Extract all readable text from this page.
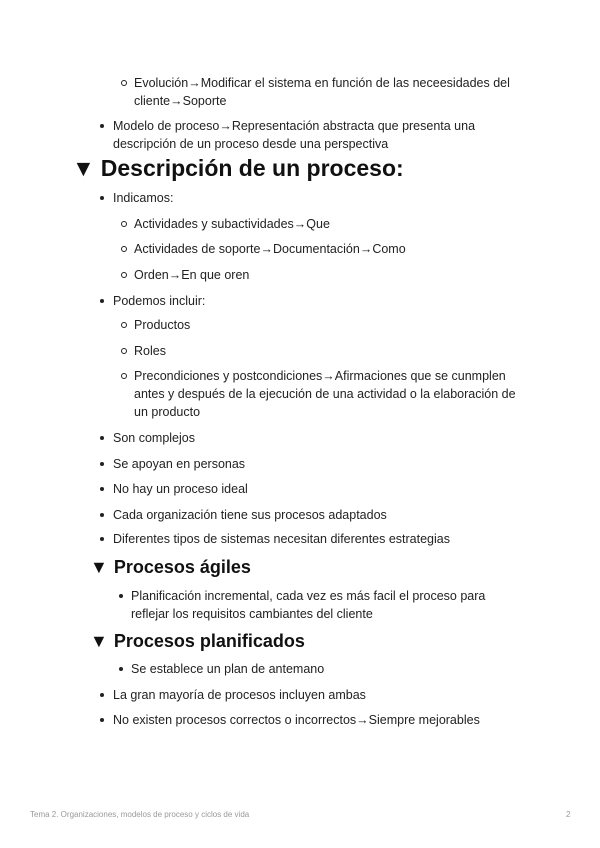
Evolución→Modificar el sistema en función de las neceesidades del cliente→Soporte
Modelo de proceso→Representación abstracta que presenta una descripción de un proceso desde una perspectiva
▼ Descripción de un proceso:
Indicamos:
Actividades y subactividades→Que
Actividades de soporte→Documentación→Como
Orden→En que oren
Podemos incluir:
Productos
Roles
Precondiciones y postcondiciones→Afirmaciones que se cunmplen antes y después de la ejecución de una actividad o la elaboración de un producto
Son complejos
Se apoyan en personas
No hay un proceso ideal
Cada organización tiene sus procesos adaptados
Diferentes tipos de sistemas necesitan diferentes estrategias
▼ Procesos ágiles
Planificación incremental, cada vez es más facil el proceso para reflejar los requisitos cambiantes del cliente
▼ Procesos planificados
Se establece un plan de antemano
La gran mayoría de procesos incluyen ambas
No existen procesos correctos o incorrectos→Siempre mejorables
Tema 2. Organizaciones, modelos de proceso y ciclos de vida	2
